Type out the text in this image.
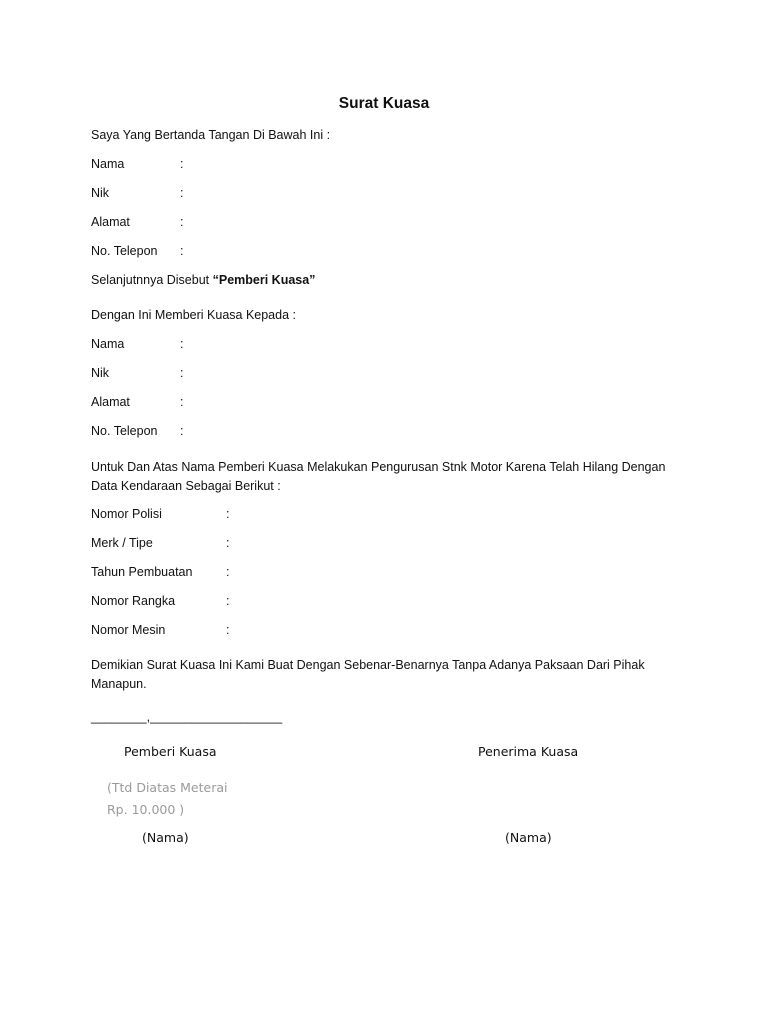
Surat Kuasa
Saya Yang Bertanda Tangan Di Bawah Ini :
Nama	:
Nik	:
Alamat	:
No. Telepon :
Selanjutnnya Disebut “Pemberi Kuasa”
Dengan Ini Memberi Kuasa Kepada :
Nama	:
Nik	:
Alamat	:
No. Telepon :
Untuk Dan Atas Nama Pemberi Kuasa Melakukan Pengurusan Stnk Motor Karena Telah Hilang Dengan Data Kendaraan Sebagai Berikut :
Nomor Polisi	:
Merk / Tipe	:
Tahun Pembuatan	:
Nomor Rangka	:
Nomor Mesin	:
Demikian Surat Kuasa Ini Kami Buat Dengan Sebenar-Benarnya Tanpa Adanya Paksaan Dari Pihak Manapun.
________,___________________
Pemberi Kuasa	Penerima Kuasa
(Ttd Diatas Meterai
Rp. 10.000 )
(Nama)	(Nama)
